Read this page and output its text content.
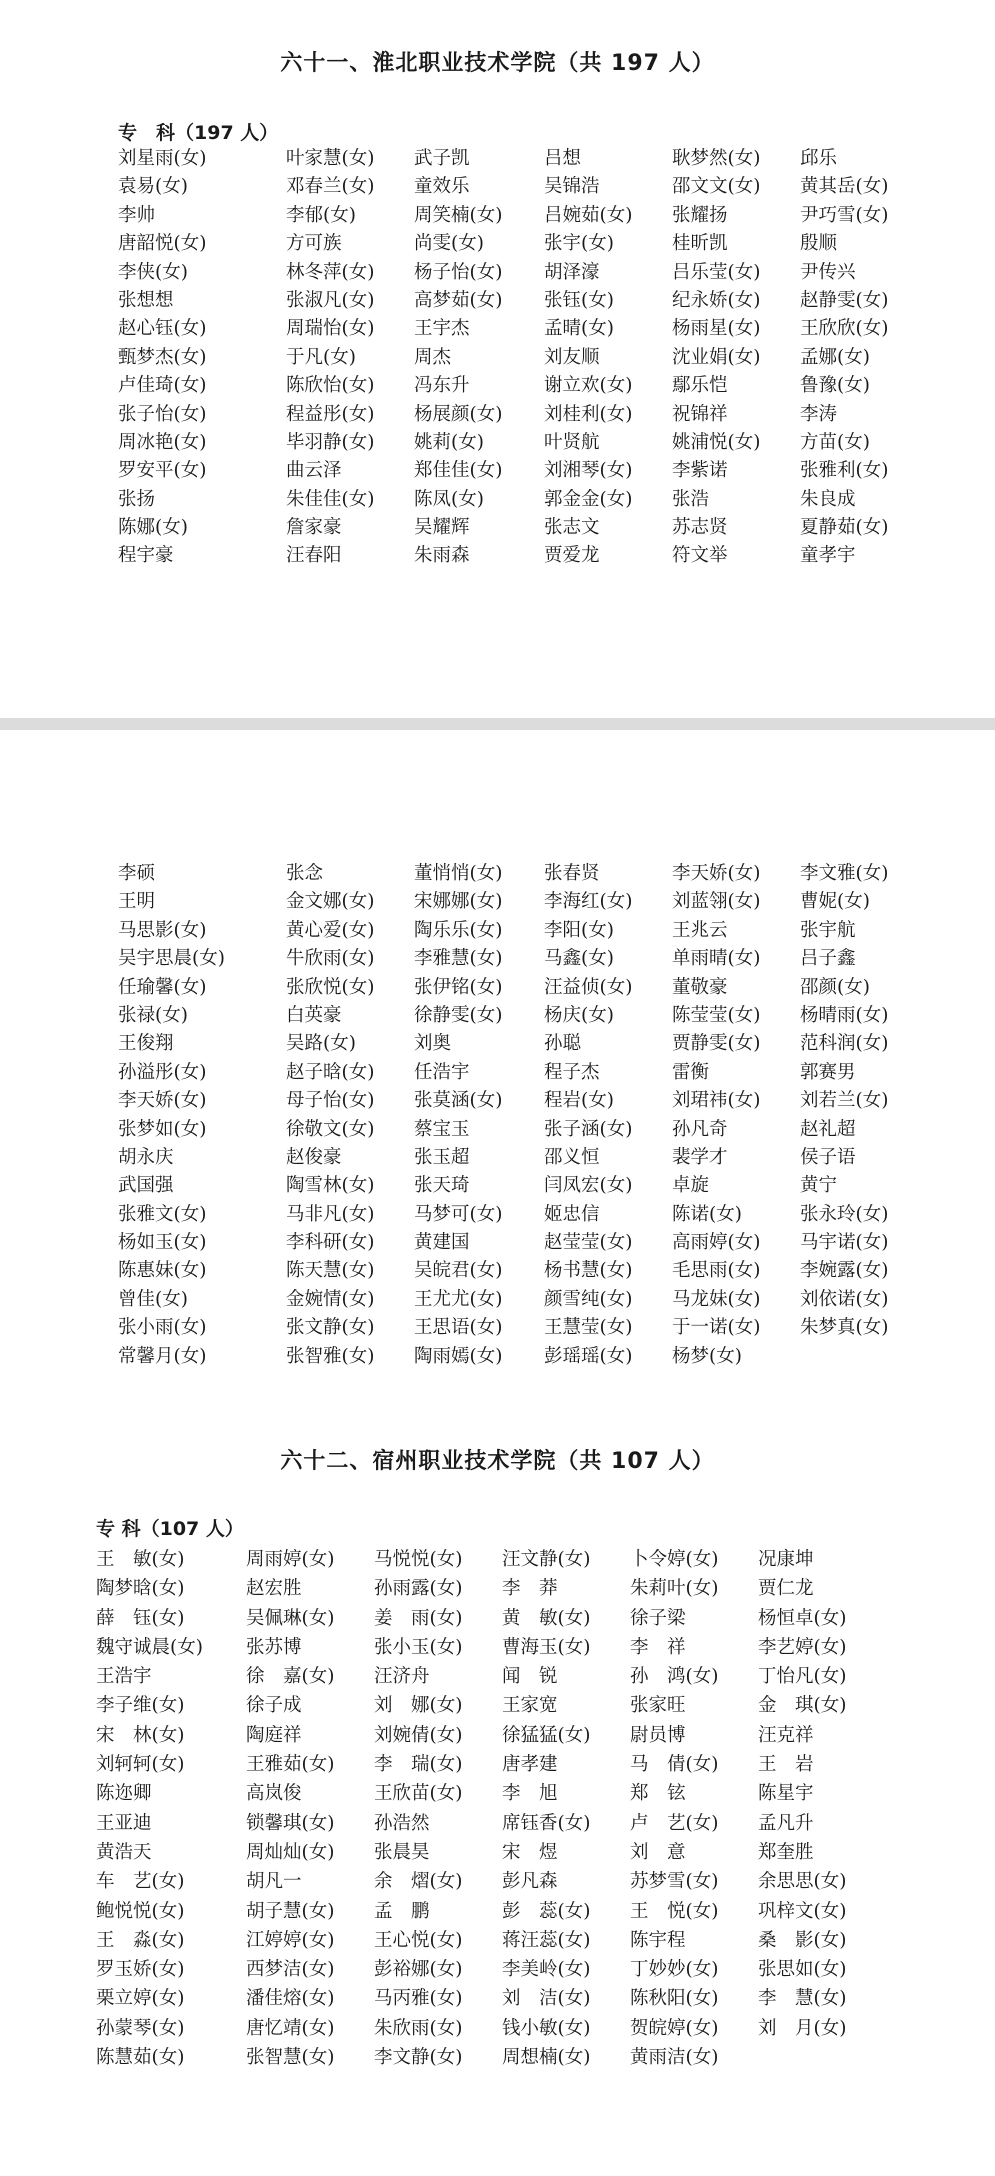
六十一、淮北职业技术学院（共 197 人）
专　科（197 人）
刘星雨(女)	叶家慧(女)	武子凯	吕想	耿梦然(女)	邱乐
袁易(女)	邓春兰(女)	童效乐	吴锦浩	邵文文(女)	黄其岳(女)
李帅	李郁(女)	周笑楠(女)	吕婉茹(女)	张耀扬	尹巧雪(女)
唐韶悦(女)	方可族	尚雯(女)	张宇(女)	桂昕凯	殷顺
李侠(女)	林冬萍(女)	杨子怡(女)	胡泽濠	吕乐莹(女)	尹传兴
张想想	张淑凡(女)	高梦茹(女)	张钰(女)	纪永娇(女)	赵静雯(女)
赵心钰(女)	周瑞怡(女)	王宇杰	孟晴(女)	杨雨星(女)	王欣欣(女)
甄梦杰(女)	于凡(女)	周杰	刘友顺	沈业娟(女)	孟娜(女)
卢佳琦(女)	陈欣怡(女)	冯东升	谢立欢(女)	鄢乐恺	鲁豫(女)
张子怡(女)	程益彤(女)	杨展颜(女)	刘桂利(女)	祝锦祥	李涛
周冰艳(女)	毕羽静(女)	姚莉(女)	叶贤航	姚浦悦(女)	方苗(女)
罗安平(女)	曲云泽	郑佳佳(女)	刘湘琴(女)	李紫诺	张雅利(女)
张扬	朱佳佳(女)	陈凤(女)	郭金金(女)	张浩	朱良成
陈娜(女)	詹家豪	吴耀辉	张志文	苏志贤	夏静茹(女)
程宇豪	汪春阳	朱雨森	贾爱龙	符文举	童孝宇
李硕	张念	董悄悄(女)	张春贤	李天娇(女)	李文雅(女)
王明	金文娜(女)	宋娜娜(女)	李海红(女)	刘蓝翎(女)	曹妮(女)
马思影(女)	黄心爱(女)	陶乐乐(女)	李阳(女)	王兆云	张宇航
吴宇思晨(女)	牛欣雨(女)	李雅慧(女)	马鑫(女)	单雨晴(女)	吕子鑫
任瑜馨(女)	张欣悦(女)	张伊铭(女)	汪益侦(女)	董敬豪	邵颜(女)
张禄(女)	白英豪	徐静雯(女)	杨庆(女)	陈莹莹(女)	杨晴雨(女)
王俊翔	吴路(女)	刘奥	孙聪	贾静雯(女)	范科润(女)
孙溢彤(女)	赵子晗(女)	任浩宇	程子杰	雷衡	郭赛男
李天娇(女)	母子怡(女)	张莫涵(女)	程岩(女)	刘珺祎(女)	刘若兰(女)
张梦如(女)	徐敬文(女)	蔡宝玉	张子涵(女)	孙凡奇	赵礼超
胡永庆	赵俊豪	张玉超	邵义恒	裴学才	侯子语
武国强	陶雪林(女)	张天琦	闫凤宏(女)	卓旋	黄宁
张雅文(女)	马非凡(女)	马梦可(女)	姬忠信	陈诺(女)	张永玲(女)
杨如玉(女)	李科研(女)	黄建国	赵莹莹(女)	高雨婷(女)	马宇诺(女)
陈惠妹(女)	陈天慧(女)	吴皖君(女)	杨书慧(女)	毛思雨(女)	李婉露(女)
曾佳(女)	金婉情(女)	王尤尤(女)	颜雪纯(女)	马龙妹(女)	刘依诺(女)
张小雨(女)	张文静(女)	王思语(女)	王慧莹(女)	于一诺(女)	朱梦真(女)
常馨月(女)	张智雅(女)	陶雨嫣(女)	彭瑶瑶(女)	杨梦(女)
六十二、宿州职业技术学院（共 107 人）
专 科（107 人）
王　敏(女)	周雨婷(女)	马悦悦(女)	汪文静(女)	卜令婷(女)	况康坤
陶梦晗(女)	赵宏胜	孙雨露(女)	李　莽	朱莉叶(女)	贾仁龙
薛　钰(女)	吴佩琳(女)	姜　雨(女)	黄　敏(女)	徐子梁	杨恒卓(女)
魏守诚晨(女)	张苏博	张小玉(女)	曹海玉(女)	李　祥	李艺婷(女)
王浩宇	徐　嘉(女)	汪济舟	闻　锐	孙　鸿(女)	丁怡凡(女)
李子维(女)	徐子成	刘　娜(女)	王家宽	张家旺	金　琪(女)
宋　林(女)	陶庭祥	刘婉倩(女)	徐猛猛(女)	尉员博	汪克祥
刘轲轲(女)	王雅茹(女)	李　瑞(女)	唐孝建	马　倩(女)	王　岩
陈迩卿	高岚俊	王欣苗(女)	李　旭	郑　铉	陈星宇
王亚迪	锁馨琪(女)	孙浩然	席钰香(女)	卢　艺(女)	孟凡升
黄浩天	周灿灿(女)	张晨昊	宋　煜	刘　意	郑奎胜
车　艺(女)	胡凡一	余　熠(女)	彭凡森	苏梦雪(女)	余思思(女)
鲍悦悦(女)	胡子慧(女)	孟　鹏	彭　蕊(女)	王　悦(女)	巩梓文(女)
王　淼(女)	江婷婷(女)	王心悦(女)	蒋汪蕊(女)	陈宇程	桑　影(女)
罗玉娇(女)	西梦洁(女)	彭裕娜(女)	李美岭(女)	丁妙妙(女)	张思如(女)
栗立婷(女)	潘佳熔(女)	马丙雅(女)	刘　洁(女)	陈秋阳(女)	李　慧(女)
孙蒙琴(女)	唐忆靖(女)	朱欣雨(女)	钱小敏(女)	贺皖婷(女)	刘　月(女)
陈慧茹(女)	张智慧(女)	李文静(女)	周想楠(女)	黄雨洁(女)
